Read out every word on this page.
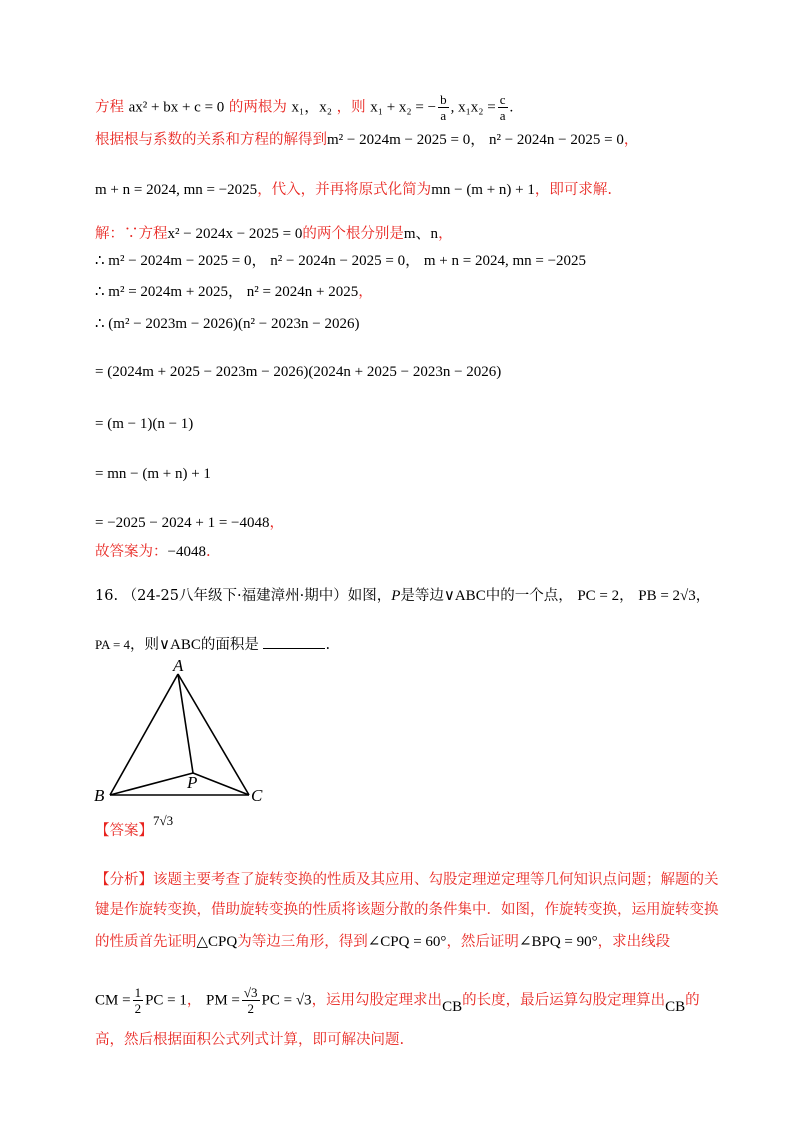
方程 ax² + bx + c = 0 的两根为 x₁，x₂ ，则 x₁ + x₂ = − $\frac{b}{a}$ , $x_1x_2 = \frac{c}{a}$ .
根据根与系数的关系和方程的解得到m² − 2024m − 2025 = 0， n² − 2024n − 2025 = 0，
m + n = 2024, mn = −2025，代入，并再将原式化简为mn − (m + n) + 1，即可求解.
解：∵方程x² − 2024x − 2025 = 0的两个根分别是m、n，
∴ m² − 2024m − 2025 = 0， n² − 2024n − 2025 = 0， m + n = 2024, mn = −2025
∴ m² = 2024m + 2025， n² = 2024n + 2025，
∴ (m² − 2023m − 2026)(n² − 2023n − 2026)
= (2024m + 2025 − 2023m − 2026)(2024n + 2025 − 2023n − 2026)
= (m − 1)(n − 1)
= mn − (m + n) + 1
= −2025 − 2024 + 1 = −4048，
故答案为：−4048.
16. （24-25八年级下·福建漳州·期中）如图，P是等边∨ABC中的一个点， PC = 2， PB = 2√3，
PA = 4，则∨ABC的面积是	.
A
B	C
P
【答案】7√3
【分析】该题主要考查了旋转变换的性质及其应用、勾股定理逆定理等几何知识点问题；解题的关
键是作旋转变换，借助旋转变换的性质将该题分散的条件集中．如图，作旋转变换，运用旋转变换
的性质首先证明△CPQ为等边三角形，得到∠CPQ = 60°，然后证明∠BPQ = 90°，求出线段
CM = $\frac{1}{2}$ PC = 1， PM = $\frac{√3}{2}$ PC = √3，运用勾股定理求出CB的长度，最后运算勾股定理算出CB的
高，然后根据面积公式列式计算，即可解决问题.
